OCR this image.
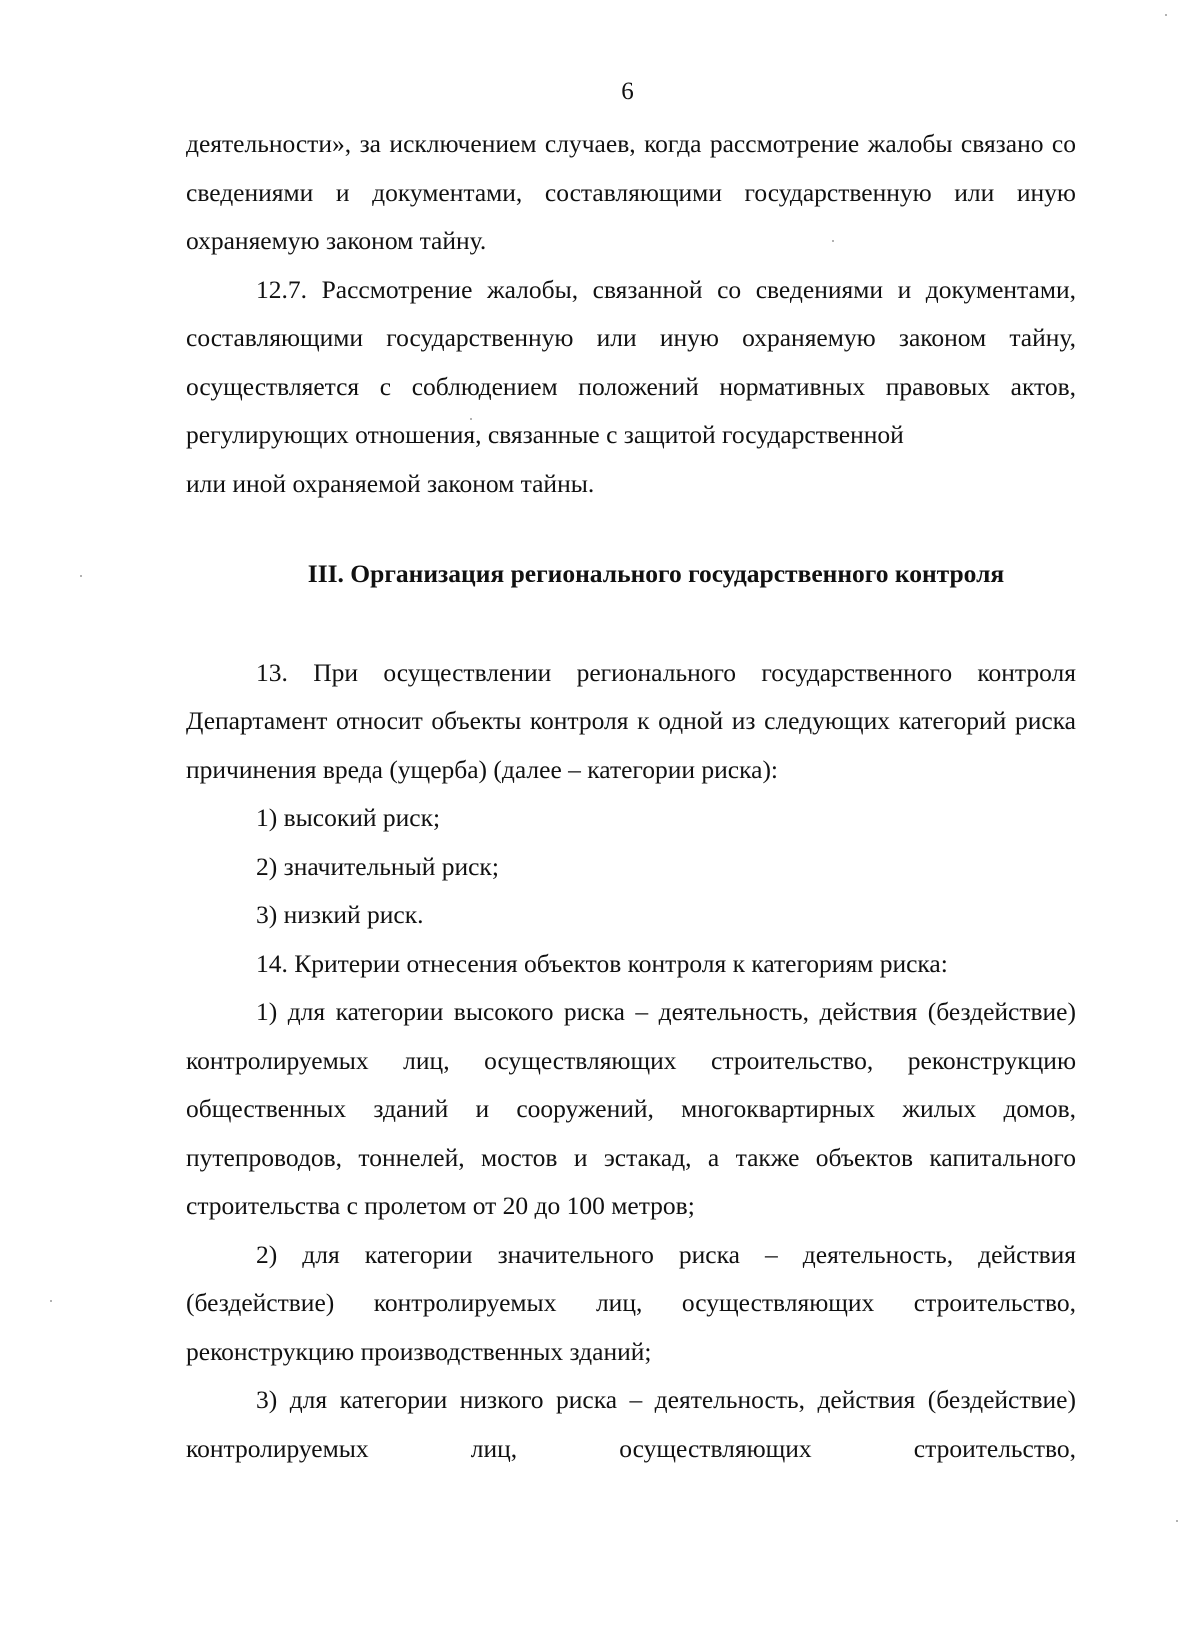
6

деятельности», за исключением случаев, когда рассмотрение жалобы связано со сведениями и документами, составляющими государственную или иную охраняемую законом тайну.

12.7. Рассмотрение жалобы, связанной со сведениями и документами, составляющими государственную или иную охраняемую законом тайну, осуществляется с соблюдением положений нормативных правовых актов, регулирующих отношения, связанные с защитой государственной

или иной охраняемой законом тайны.

III. Организация регионального государственного контроля

13. При осуществлении регионального государственного контроля Департамент относит объекты контроля к одной из следующих категорий риска причинения вреда (ущерба) (далее – категории риска):

1) высокий риск;

2) значительный риск;

3) низкий риск.

14. Критерии отнесения объектов контроля к категориям риска:

1) для категории высокого риска – деятельность, действия (бездействие) контролируемых лиц, осуществляющих строительство, реконструкцию общественных зданий и сооружений, многоквартирных жилых домов, путепроводов, тоннелей, мостов и эстакад, а также объектов капитального строительства с пролетом от 20 до 100 метров;

2) для категории значительного риска – деятельность, действия (бездействие) контролируемых лиц, осуществляющих строительство, реконструкцию производственных зданий;

3) для категории низкого риска – деятельность, действия (бездействие) контролируемых лиц, осуществляющих строительство,
